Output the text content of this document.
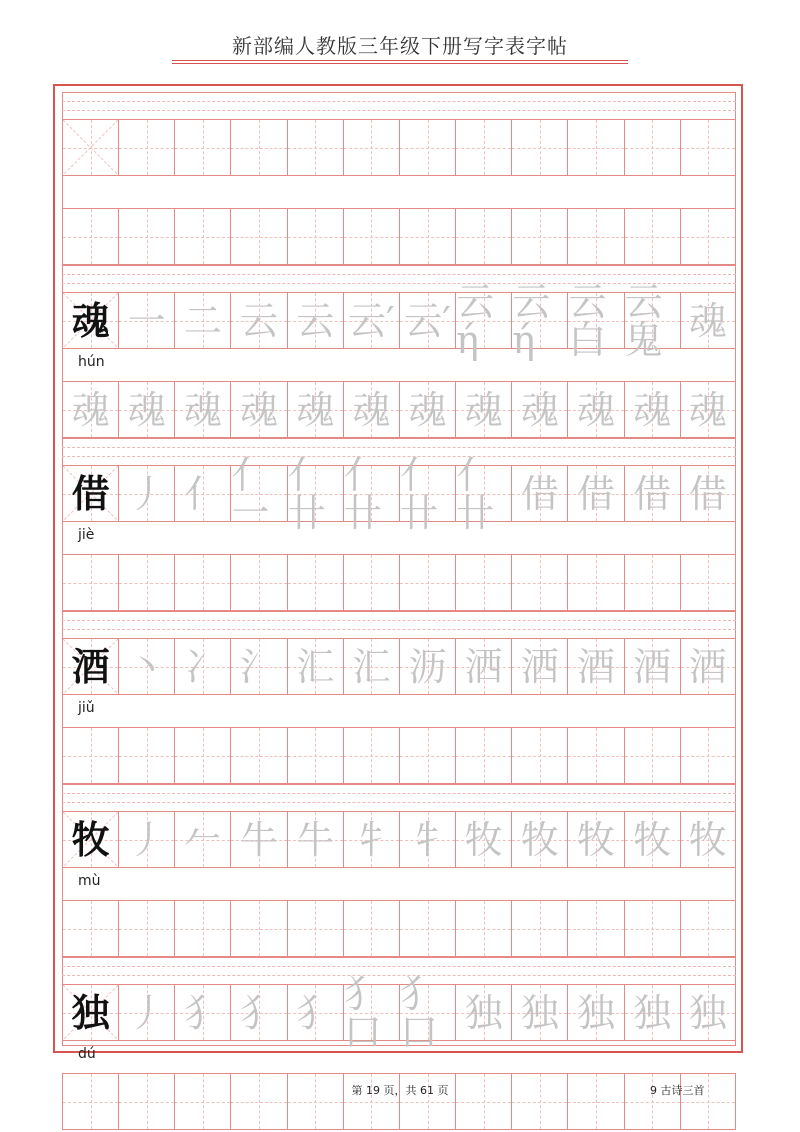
新部编人教版三年级下册写字表字帖
hún
魂 一 二 云 云 云′ 云′ 云ή
云ή
云白
云鬼 魂
魂 魂 魂 魂 魂 魂 魂 魂 魂 魂 魂 魂
jiè
借 丿 亻 亻一
亻卄
亻卄
亻卄
亻卄 借 借 借 借
jiǔ
酒 丶 冫 氵 汇 汇 沥 洒 洒 酒 酒 酒
mù
牧 丿 𠂉 牛 牛 牜 牜 牧 牧 牧 牧 牧
dú
独 丿 犭 犭 犭 犭口
犭口 独 独 独 独 独
第 19 页，共 61 页	9 古诗三首
